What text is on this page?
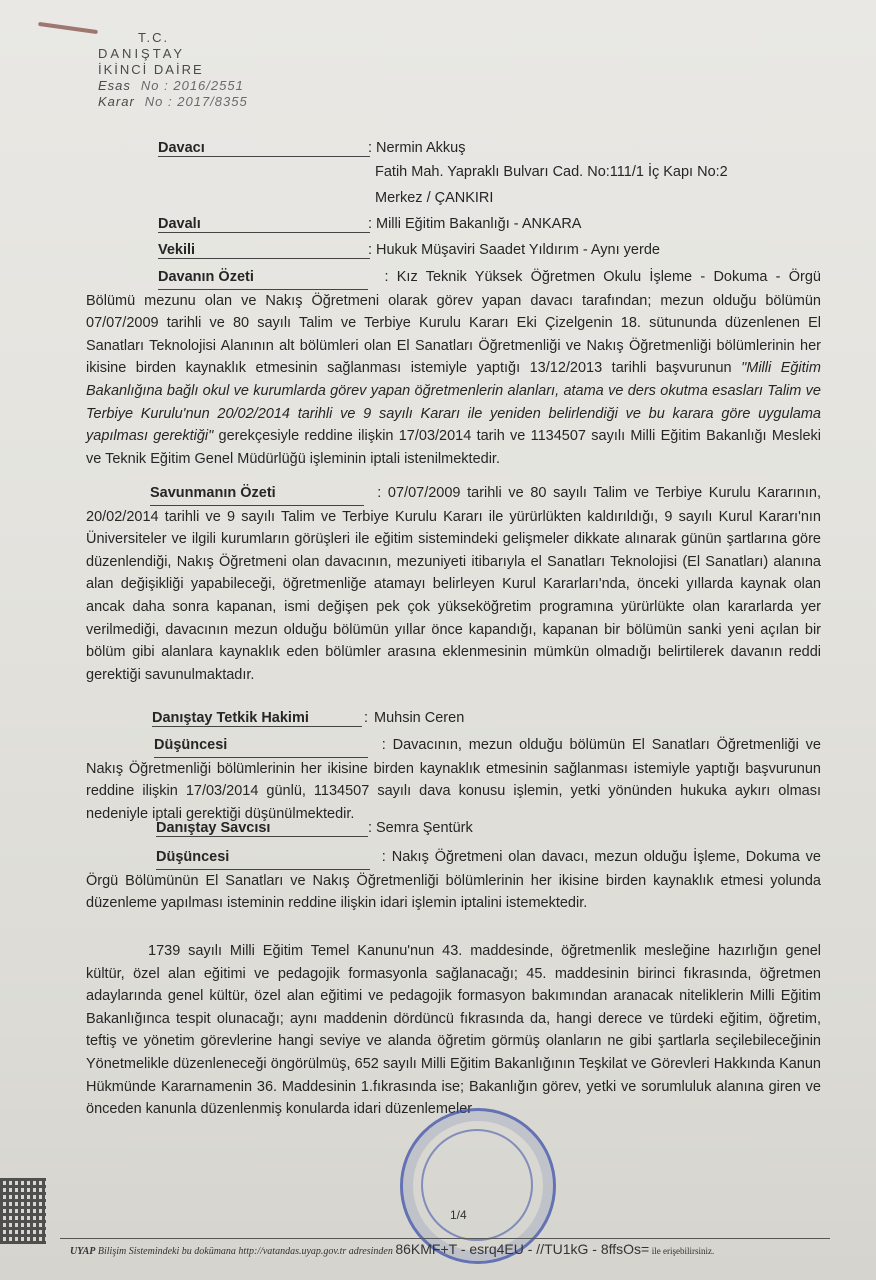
T.C.
DANIŞTAY
İKİNCİ DAİRE
Esas No : 2016/2551
Karar No : 2017/8355
Davacı	: Nermin Akkuş
Fatih Mah. Yapraklı Bulvarı Cad. No:111/1 İç Kapı No:2
Merkez / ÇANKIRI
Davalı	: Milli Eğitim Bakanlığı - ANKARA
Vekili	: Hukuk Müşaviri Saadet Yıldırım - Aynı yerde
Davanın Özeti	: Kız Teknik Yüksek Öğretmen Okulu İşleme - Dokuma - Örgü Bölümü mezunu olan ve Nakış Öğretmeni olarak görev yapan davacı tarafından; mezun olduğu bölümün 07/07/2009 tarihli ve 80 sayılı Talim ve Terbiye Kurulu Kararı Eki Çizelgenin 18. sütununda düzenlenen El Sanatları Teknolojisi Alanının alt bölümleri olan El Sanatları Öğretmenliği ve Nakış Öğretmenliği bölümlerinin her ikisine birden kaynaklık etmesinin sağlanması istemiyle yaptığı 13/12/2013 tarihli başvurunun "Milli Eğitim Bakanlığına bağlı okul ve kurumlarda görev yapan öğretmenlerin alanları, atama ve ders okutma esasları Talim ve Terbiye Kurulu'nun 20/02/2014 tarihli ve 9 sayılı Kararı ile yeniden belirlendiği ve bu karara göre uygulama yapılması gerektiği" gerekçesiyle reddine ilişkin 17/03/2014 tarih ve 1134507 sayılı Milli Eğitim Bakanlığı Mesleki ve Teknik Eğitim Genel Müdürlüğü işleminin iptali istenilmektedir.
Savunmanın Özeti	: 07/07/2009 tarihli ve 80 sayılı Talim ve Terbiye Kurulu Kararının, 20/02/2014 tarihli ve 9 sayılı Talim ve Terbiye Kurulu Kararı ile yürürlükten kaldırıldığı, 9 sayılı Kurul Kararı'nın Üniversiteler ve ilgili kurumların görüşleri ile eğitim sistemindeki gelişmeler dikkate alınarak günün şartlarına göre düzenlendiği, Nakış Öğretmeni olan davacının, mezuniyeti itibarıyla el Sanatları Teknolojisi (El Sanatları) alanına alan değişikliği yapabileceği, öğretmenliğe atamayı belirleyen Kurul Kararları'nda, önceki yıllarda kaynak olan ancak daha sonra kapanan, ismi değişen pek çok yükseköğretim programına yürürlükte olan kararlarda yer verilmediği, davacının mezun olduğu bölümün yıllar önce kapandığı, kapanan bir bölümün sanki yeni açılan bir bölüm gibi alanlara kaynaklık eden bölümler arasına eklenmesinin mümkün olmadığı belirtilerek davanın reddi gerektiği savunulmaktadır.
Danıştay Tetkik Hakimi	: Muhsin Ceren
Düşüncesi	: Davacının, mezun olduğu bölümün El Sanatları Öğretmenliği ve Nakış Öğretmenliği bölümlerinin her ikisine birden kaynaklık etmesinin sağlanması istemiyle yaptığı başvurunun reddine ilişkin 17/03/2014 günlü, 1134507 sayılı dava konusu işlemin, yetki yönünden hukuka aykırı olması nedeniyle iptali gerektiği düşünülmektedir.
Danıştay Savcısı	: Semra Şentürk
Düşüncesi	: Nakış Öğretmeni olan davacı, mezun olduğu İşleme, Dokuma ve Örgü Bölümünün El Sanatları ve Nakış Öğretmenliği bölümlerinin her ikisine birden kaynaklık etmesi yolunda düzenleme yapılması isteminin reddine ilişkin idari işlemin iptalini istemektedir.
1739 sayılı Milli Eğitim Temel Kanunu'nun 43. maddesinde, öğretmenlik mesleğine hazırlığın genel kültür, özel alan eğitimi ve pedagojik formasyonla sağlanacağı; 45. maddesinin birinci fıkrasında, öğretmen adaylarında genel kültür, özel alan eğitimi ve pedagojik formasyon bakımından aranacak niteliklerin Milli Eğitim Bakanlığınca tespit olunacağı; aynı maddenin dördüncü fıkrasında da, hangi derece ve türdeki eğitim, öğretim, teftiş ve yönetim görevlerine hangi seviye ve alanda öğretim görmüş olanların ne gibi şartlarla seçilebileceğinin Yönetmelikle düzenleneceği öngörülmüş, 652 sayılı Milli Eğitim Bakanlığının Teşkilat ve Görevleri Hakkında Kanun Hükmünde Kararnamenin 36. Maddesinin 1.fıkrasında ise; Bakanlığın görev, yetki ve sorumluluk alanına giren ve önceden kanunla düzenlenmiş konularda idari düzenlemeler
1/4
UYAP Bilişim Sistemindeki bu dokümana http://vatandas.uyap.gov.tr adresinden 86KMF+T - esrq4EU - //TU1kG - 8ffsOs= ile erişebilirsiniz.
